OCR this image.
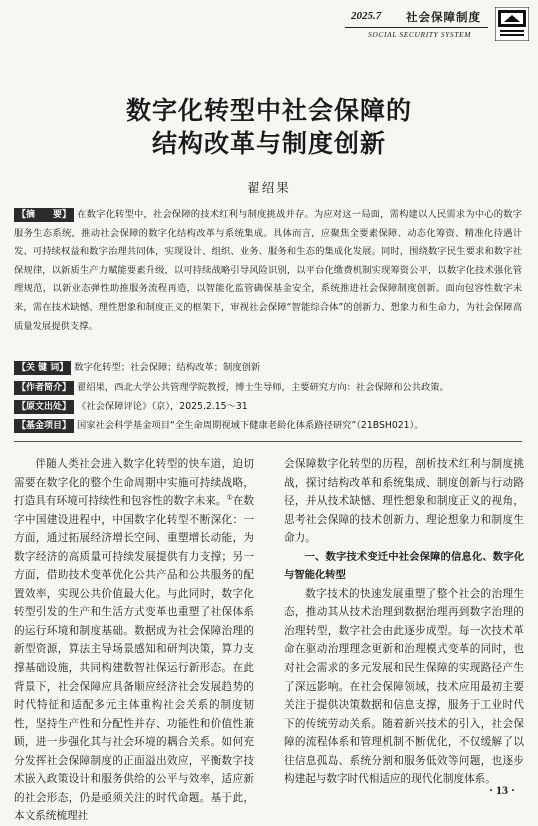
2025.7 社会保障制度
SOCIAL SECURITY SYSTEM
数字化转型中社会保障的
结构改革与制度创新
翟绍果
【摘　　要】 在数字化转型中，社会保障的技术红利与制度挑战并存。为应对这一局面，需构建以人民需求为中心的数字服务生态系统，推动社会保障的数字化结构改革与系统集成。具体而言，应聚焦全要素保障、动态化筹资、精准化待遇计发、可持续权益和数字治理共同体，实现设计、组织、业务、服务和生态的集成化发展。同时，围绕数字民生要求和数字社保规律，以新质生产力赋能要素升级，以可持续战略引导风险识别，以平台化缴费机制实现筹资公平，以数字化技术强化管理规范，以新业态弹性助推服务流程再造，以智能化监管确保基金安全，系统推进社会保障制度创新。面向包容性数字未来，需在技术缺憾、理性想象和制度正义的框架下，审视社会保障“智能综合体”的创新力、想象力和生命力，为社会保障高质量发展提供支撑。
【关 键 词】 数字化转型；社会保障；结构改革；制度创新
【作者简介】 翟绍果，西北大学公共管理学院教授，博士生导师，主要研究方向：社会保障和公共政策。
【原文出处】 《社会保障评论》（京），2025.2.15～31
【基金项目】 国家社会科学基金项目“全生命周期视域下健康老龄化体系路径研究”（21BSH021）。

伴随人类社会进入数字化转型的快车道，迫切需要在数字化的整个生命周期中实施可持续战略，打造具有环境可持续性和包容性的数字未来。①在数字中国建设进程中，中国数字化转型不断深化：一方面，通过拓展经济增长空间、重塑增长动能，为数字经济的高质量可持续发展提供有力支撑；另一方面，借助技术变革优化公共产品和公共服务的配置效率，实现公共价值最大化。与此同时，数字化转型引发的生产和生活方式变革也重塑了社保体系的运行环境和制度基础。数据成为社会保障治理的新型资源，算法主导场景感知和研判决策，算力支撑基础设施，共同构建数智社保运行新形态。在此背景下，社会保障应具备顺应经济社会发展趋势的时代特征和适配多元主体重构社会关系的制度韧性，坚持生产性和分配性并存、功能性和价值性兼顾，进一步强化其与社会环境的耦合关系。如何充分发挥社会保障制度的正面溢出效应，平衡数字技术嵌入政策设计和服务供给的公平与效率，适应新的社会形态，仍是亟须关注的时代命题。基于此，本文系统梳理社

会保障数字化转型的历程，剖析技术红利与制度挑战，探讨结构改革和系统集成、制度创新与行动路径，并从技术缺憾、理性想象和制度正义的视角，思考社会保障的技术创新力、理论想象力和制度生命力。

一、数字技术变迁中社会保障的信息化、数字化与智能化转型

数字技术的快速发展重塑了整个社会的治理生态，推动其从技术治理到数据治理再到数字治理的治理转型，数字社会由此逐步成型。每一次技术革命在驱动治理理念更新和治理模式变革的同时，也对社会需求的多元发展和民生保障的实现路径产生了深远影响。在社会保障领域，技术应用最初主要关注于提供决策数据和信息支撑，服务于工业时代下的传统劳动关系。随着新兴技术的引入，社会保障的流程体系和管理机制不断优化，不仅缓解了以往信息孤岛、系统分割和服务低效等问题，也逐步构建起与数字时代相适应的现代化制度体系。

· 13 ·
